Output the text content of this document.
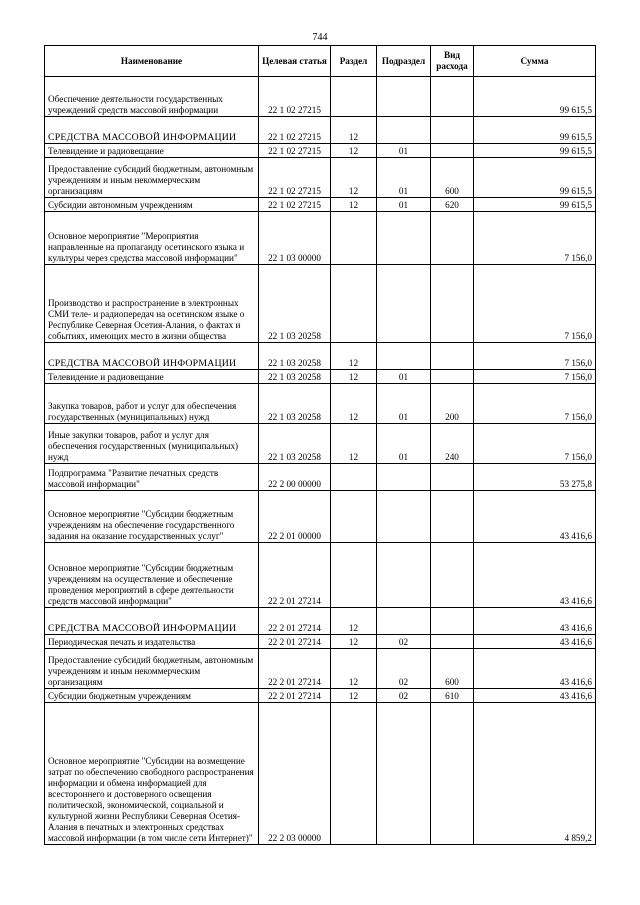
744
Наименование	Целевая статья	Раздел	Подраздел	Вид расхода	Сумма
Обеспечение деятельности государственных учреждений средств массовой информации	22 1 02 27215				99 615,5
СРЕДСТВА МАССОВОЙ ИНФОРМАЦИИ	22 1 02 27215	12			99 615,5
Телевидение и радиовещание	22 1 02 27215	12	01		99 615,5
Предоставление субсидий бюджетным, автономным учреждениям и иным некоммерческим организациям	22 1 02 27215	12	01	600	99 615,5
Субсидии автономным учреждениям	22 1 02 27215	12	01	620	99 615,5
Основное мероприятие "Мероприятия направленные на пропаганду осетинского языка и культуры через средства массовой информации"	22 1 03 00000				7 156,0
Производство и распространение в электронных СМИ теле- и радиопередач на осетинском языке о Республике Северная Осетия-Алания, о фактах и событиях, имеющих место в жизни общества	22 1 03 20258				7 156,0
СРЕДСТВА МАССОВОЙ ИНФОРМАЦИИ	22 1 03 20258	12			7 156,0
Телевидение и радиовещание	22 1 03 20258	12	01		7 156,0
Закупка товаров, работ и услуг для обеспечения государственных (муниципальных) нужд	22 1 03 20258	12	01	200	7 156,0
Иные закупки товаров, работ и услуг для обеспечения государственных (муниципальных) нужд	22 1 03 20258	12	01	240	7 156,0
Подпрограмма "Развитие печатных средств массовой информации"	22 2 00 00000				53 275,8
Основное мероприятие "Субсидии бюджетным учреждениям на обеспечение государственного задания на оказание государственных услуг"	22 2 01 00000				43 416,6
Основное мероприятие "Субсидии бюджетным учреждениям на осуществление и обеспечение проведения мероприятий в сфере деятельности средств массовой информации"	22 2 01 27214				43 416,6
СРЕДСТВА МАССОВОЙ ИНФОРМАЦИИ	22 2 01 27214	12			43 416,6
Периодическая печать и издательства	22 2 01 27214	12	02		43 416,6
Предоставление субсидий бюджетным, автономным учреждениям и иным некоммерческим организациям	22 2 01 27214	12	02	600	43 416,6
Субсидии бюджетным учреждениям	22 2 01 27214	12	02	610	43 416,6
Основное мероприятие "Субсидии на возмещение затрат по обеспечению свободного распространения информации и обмена информацией для всестороннего и достоверного освещения политической, экономической, социальной и культурной жизни Республики Северная Осетия-Алания в печатных и электронных средствах массовой информации (в том числе сети Интернет)"	22 2 03 00000				4 859,2
